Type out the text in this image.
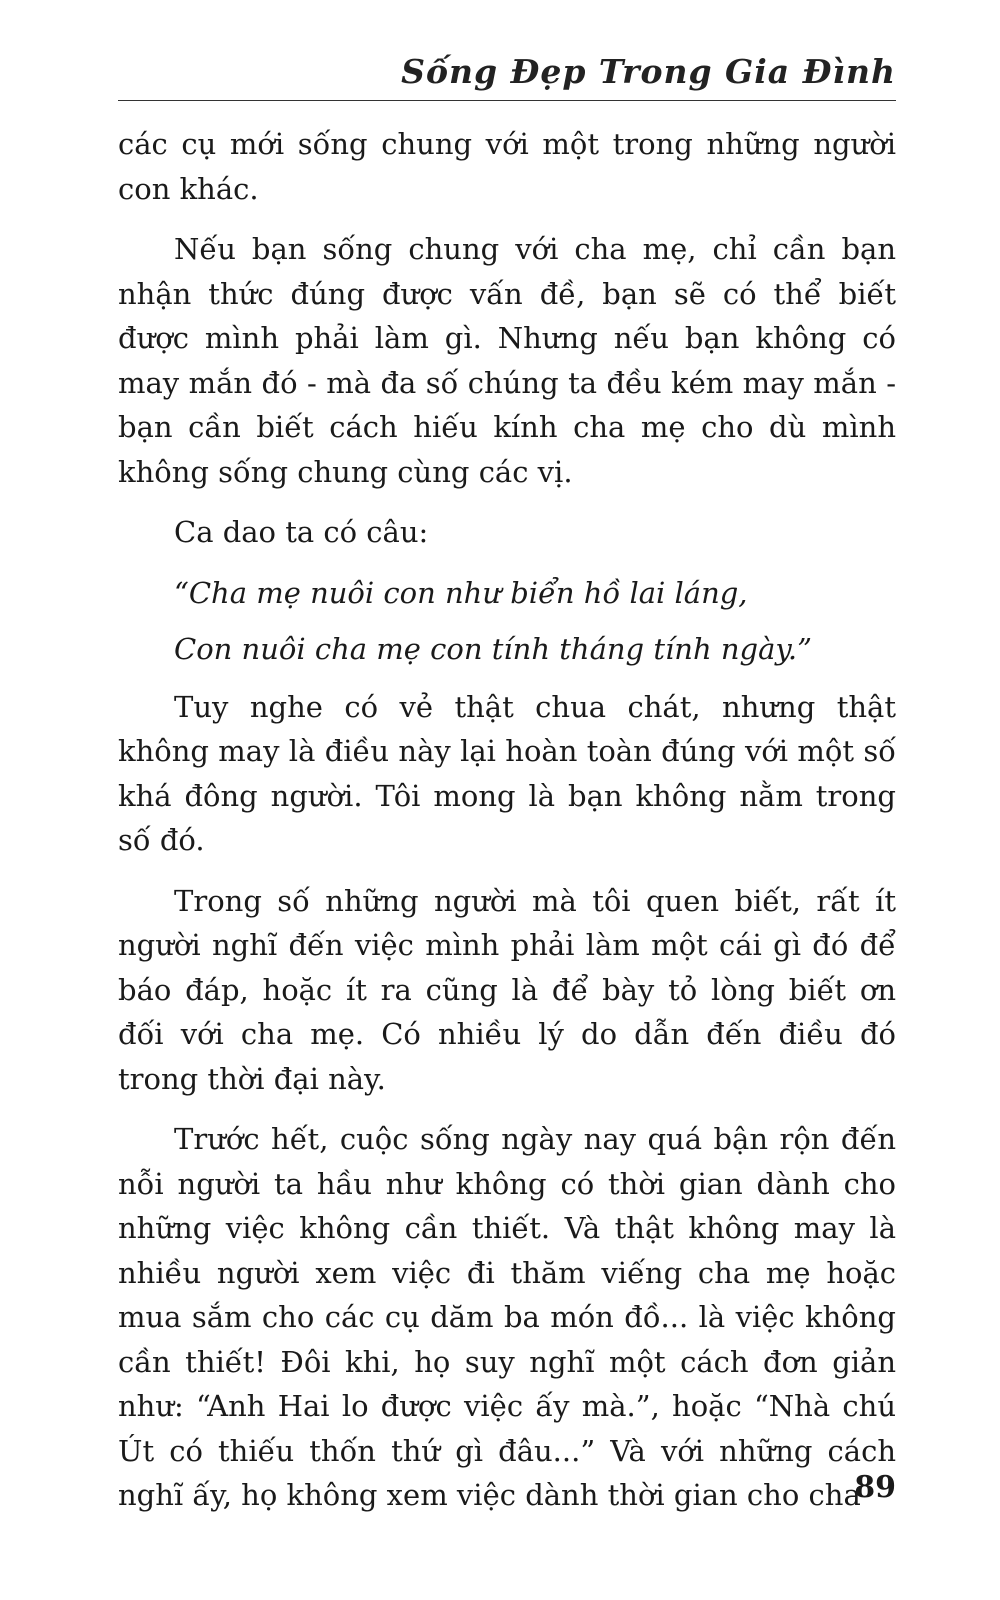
Sống Đẹp Trong Gia Đình

các cụ mới sống chung với một trong những người con khác.

Nếu bạn sống chung với cha mẹ, chỉ cần bạn nhận thức đúng được vấn đề, bạn sẽ có thể biết được mình phải làm gì. Nhưng nếu bạn không có may mắn đó - mà đa số chúng ta đều kém may mắn - bạn cần biết cách hiếu kính cha mẹ cho dù mình không sống chung cùng các vị.

Ca dao ta có câu:

“Cha mẹ nuôi con như biển hồ lai láng,

Con nuôi cha mẹ con tính tháng tính ngày.”

Tuy nghe có vẻ thật chua chát, nhưng thật không may là điều này lại hoàn toàn đúng với một số khá đông người. Tôi mong là bạn không nằm trong số đó.

Trong số những người mà tôi quen biết, rất ít người nghĩ đến việc mình phải làm một cái gì đó để báo đáp, hoặc ít ra cũng là để bày tỏ lòng biết ơn đối với cha mẹ. Có nhiều lý do dẫn đến điều đó trong thời đại này.

Trước hết, cuộc sống ngày nay quá bận rộn đến nỗi người ta hầu như không có thời gian dành cho những việc không cần thiết. Và thật không may là nhiều người xem việc đi thăm viếng cha mẹ hoặc mua sắm cho các cụ dăm ba món đồ... là việc không cần thiết! Đôi khi, họ suy nghĩ một cách đơn giản như: “Anh Hai lo được việc ấy mà.”, hoặc “Nhà chú Út có thiếu thốn thứ gì đâu...” Và với những cách nghĩ ấy, họ không xem việc dành thời gian cho cha

89
